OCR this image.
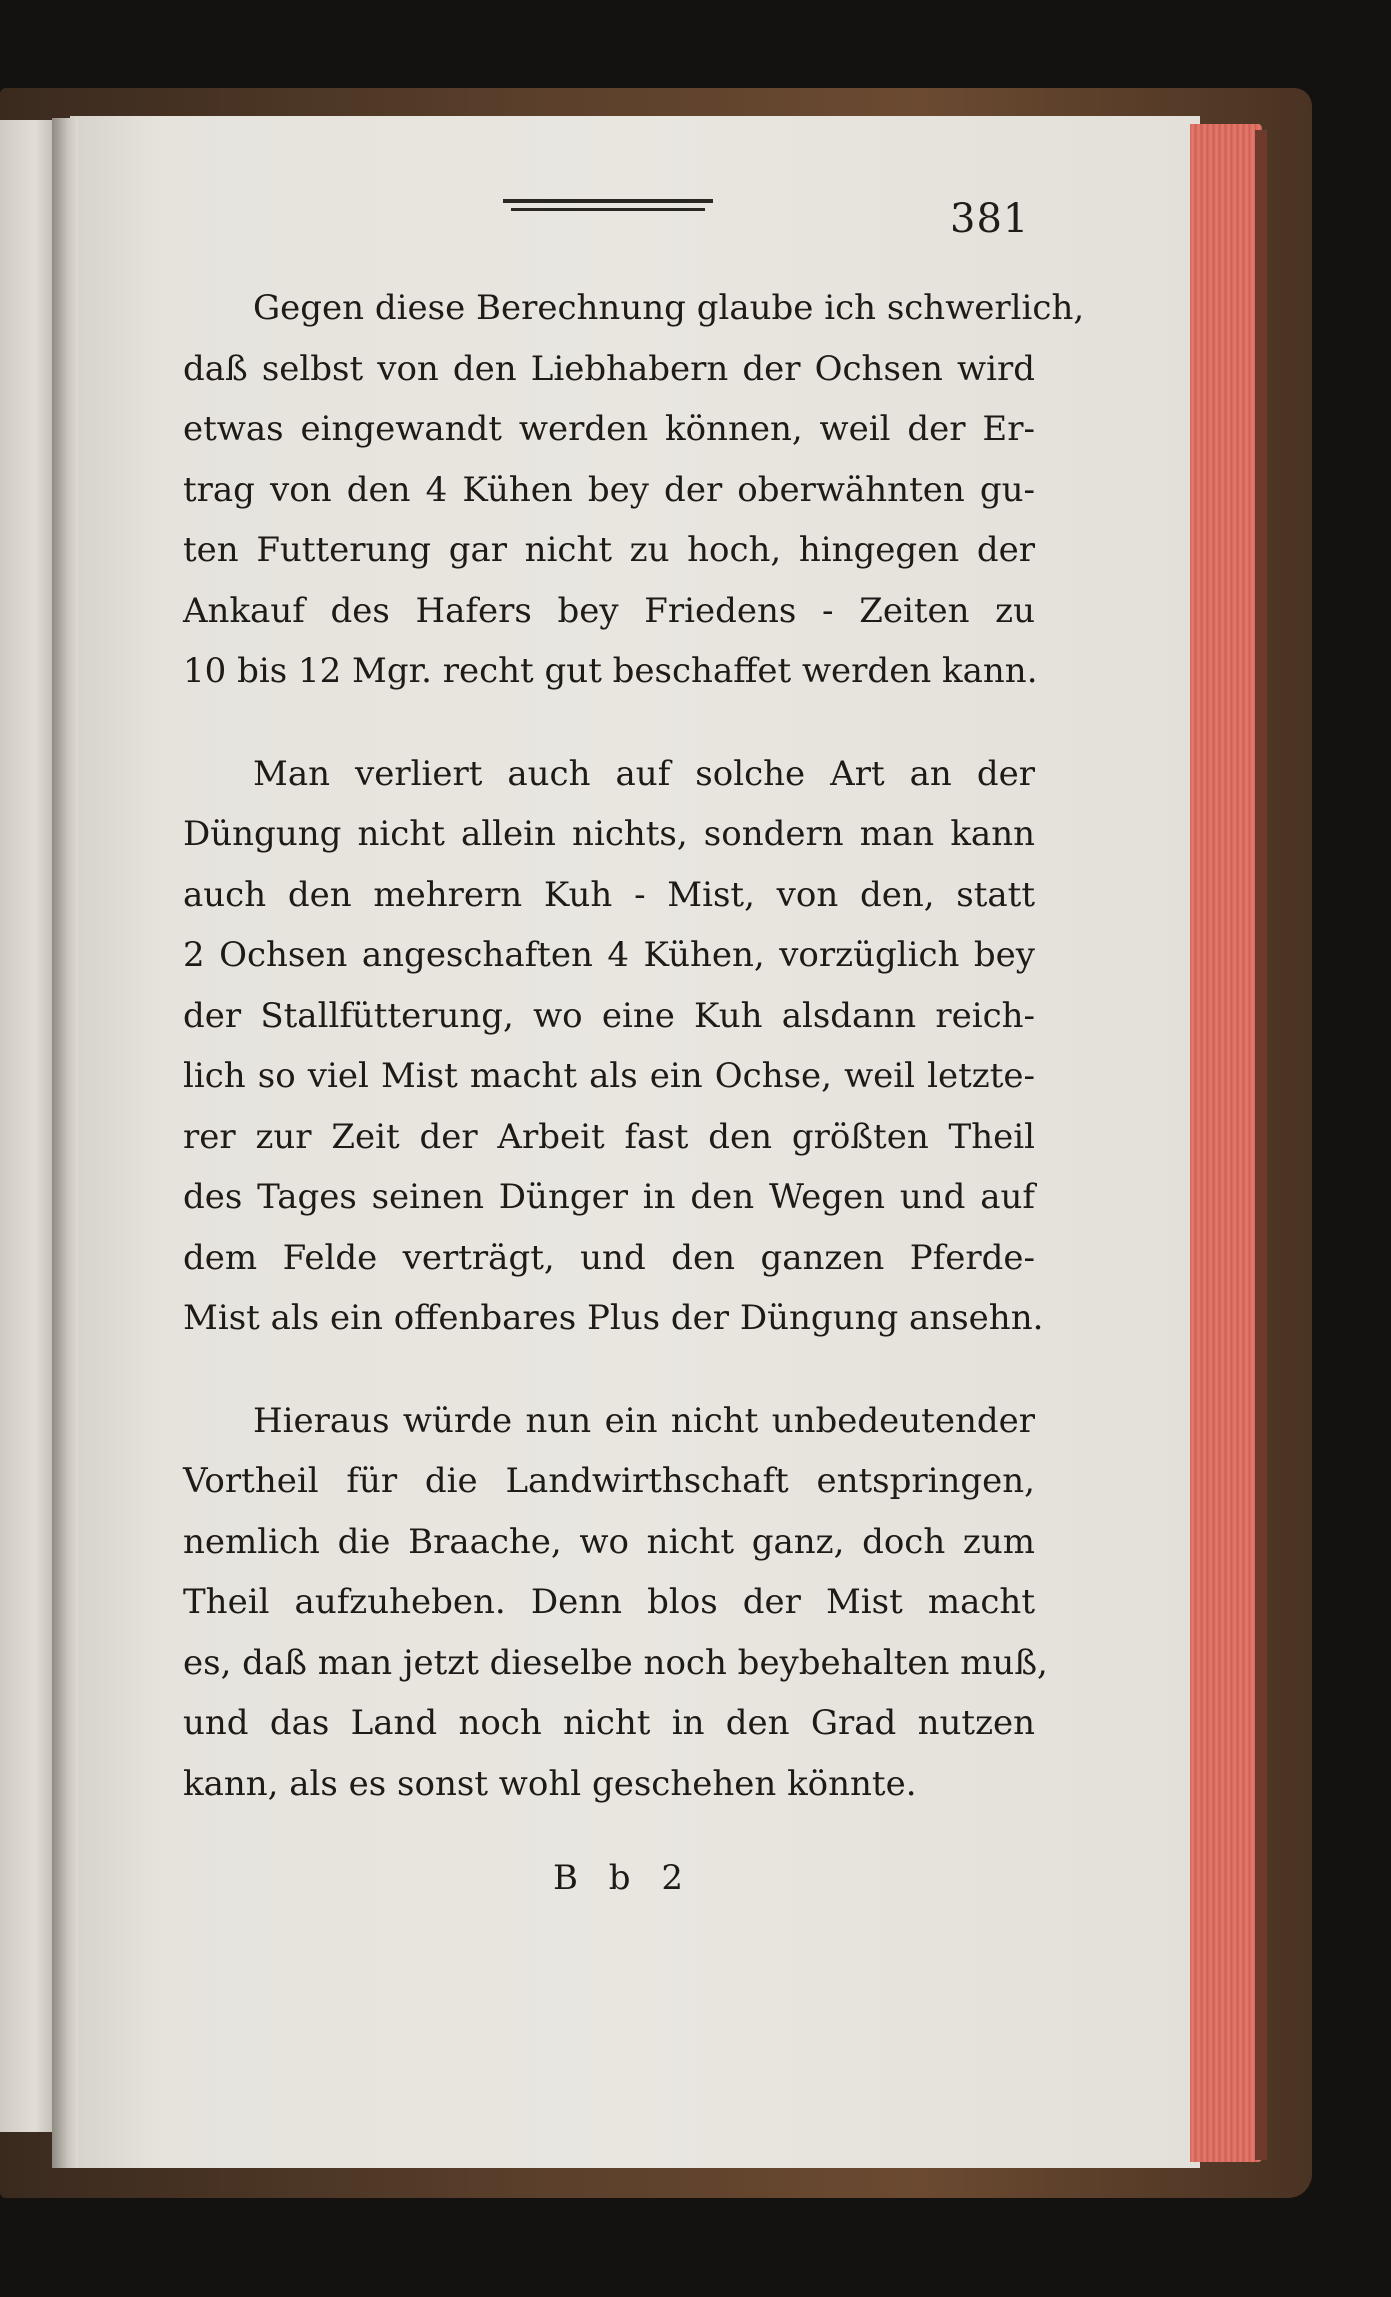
381
Gegen diese Berechnung glaube ich schwerlich,
daß selbst von den Liebhabern der Ochsen wird
etwas eingewandt werden können, weil der Er-
trag von den 4 Kühen bey der oberwähnten gu-
ten Futterung gar nicht zu hoch, hingegen der
Ankauf des Hafers bey Friedens - Zeiten zu
10 bis 12 Mgr. recht gut beschaffet werden kann.
Man verliert auch auf solche Art an der
Düngung nicht allein nichts, sondern man kann
auch den mehrern Kuh - Mist, von den, statt
2 Ochsen angeschaften 4 Kühen, vorzüglich bey
der Stallfütterung, wo eine Kuh alsdann reich-
lich so viel Mist macht als ein Ochse, weil letzte-
rer zur Zeit der Arbeit fast den größten Theil
des Tages seinen Dünger in den Wegen und auf
dem Felde verträgt, und den ganzen Pferde-
Mist als ein offenbares Plus der Düngung ansehn.
Hieraus würde nun ein nicht unbedeutender
Vortheil für die Landwirthschaft entspringen,
nemlich die Braache, wo nicht ganz, doch zum
Theil aufzuheben. Denn blos der Mist macht
es, daß man jetzt dieselbe noch beybehalten muß,
und das Land noch nicht in den Grad nutzen
kann, als es sonst wohl geschehen könnte.
B b 2
